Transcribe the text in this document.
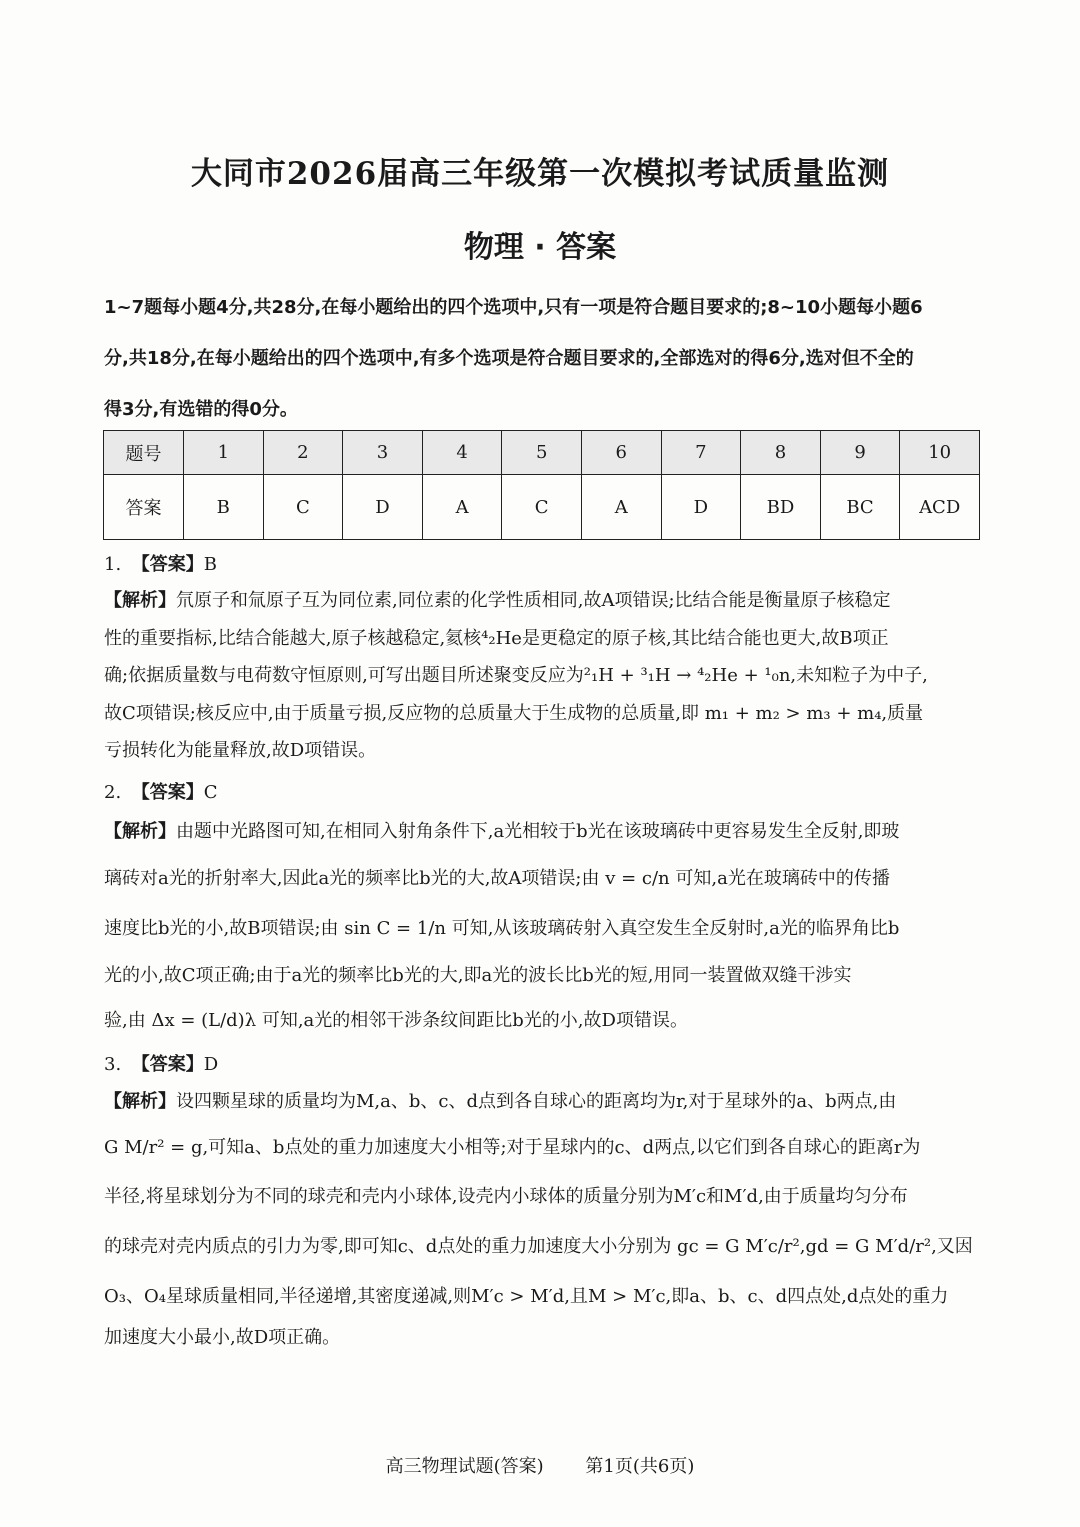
大同市2026届高三年级第一次模拟考试质量监测
物理 · 答案

1~7题每小题4分,共28分,在每小题给出的四个选项中,只有一项是符合题目要求的;8~10小题每小题6

分,共18分,在每小题给出的四个选项中,有多个选项是符合题目要求的,全部选对的得6分,选对但不全的

得3分,有选错的得0分。

题号	1	2	3	4	5	6	7	8	9	10
答案	B	C	D	A	C	A	D	BD	BC	ACD
1. 【答案】B

【解析】氘原子和氚原子互为同位素,同位素的化学性质相同,故A项错误;比结合能是衡量原子核稳定

性的重要指标,比结合能越大,原子核越稳定,氦核⁴₂He是更稳定的原子核,其比结合能也更大,故B项正

确;依据质量数与电荷数守恒原则,可写出题目所述聚变反应为²₁H + ³₁H → ⁴₂He + ¹₀n,未知粒子为中子,

故C项错误;核反应中,由于质量亏损,反应物的总质量大于生成物的总质量,即 m₁ + m₂ > m₃ + m₄,质量

亏损转化为能量释放,故D项错误。

2. 【答案】C

【解析】由题中光路图可知,在相同入射角条件下,a光相较于b光在该玻璃砖中更容易发生全反射,即玻

璃砖对a光的折射率大,因此a光的频率比b光的大,故A项错误;由 v = c/n 可知,a光在玻璃砖中的传播

速度比b光的小,故B项错误;由 sin C = 1/n 可知,从该玻璃砖射入真空发生全反射时,a光的临界角比b

光的小,故C项正确;由于a光的频率比b光的大,即a光的波长比b光的短,用同一装置做双缝干涉实

验,由 Δx = (L/d)λ 可知,a光的相邻干涉条纹间距比b光的小,故D项错误。

3. 【答案】D

【解析】设四颗星球的质量均为M,a、b、c、d点到各自球心的距离均为r,对于星球外的a、b两点,由

G M/r² = g,可知a、b点处的重力加速度大小相等;对于星球内的c、d两点,以它们到各自球心的距离r为

半径,将星球划分为不同的球壳和壳内小球体,设壳内小球体的质量分别为M′c和M′d,由于质量均匀分布

的球壳对壳内质点的引力为零,即可知c、d点处的重力加速度大小分别为 gc = G M′c/r²,gd = G M′d/r²,又因

O₃、O₄星球质量相同,半径递增,其密度递减,则M′c > M′d,且M > M′c,即a、b、c、d四点处,d点处的重力

加速度大小最小,故D项正确。

高三物理试题(答案) 第1页(共6页)
